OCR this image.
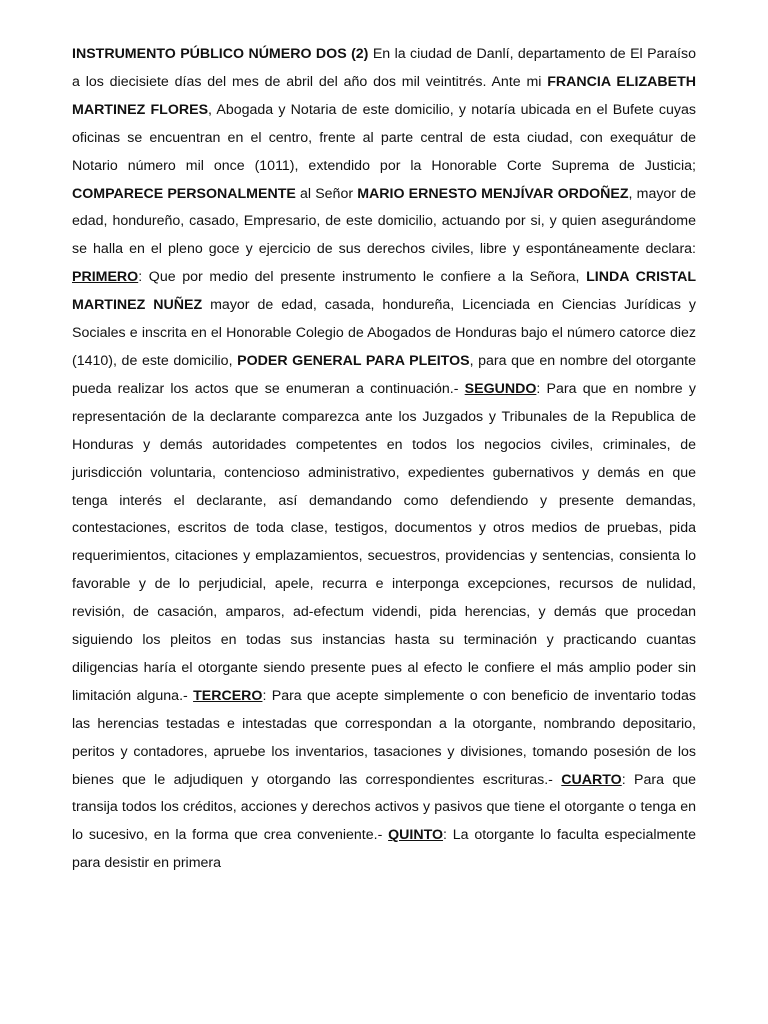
INSTRUMENTO PÚBLICO NÚMERO DOS (2) En la ciudad de Danlí, departamento de El Paraíso a los diecisiete días del mes de abril del año dos mil veintitrés. Ante mi FRANCIA ELIZABETH MARTINEZ FLORES, Abogada y Notaria de este domicilio, y notaría ubicada en el Bufete cuyas oficinas se encuentran en el centro, frente al parte central de esta ciudad, con exequátur de Notario número mil once (1011), extendido por la Honorable Corte Suprema de Justicia; COMPARECE PERSONALMENTE al Señor MARIO ERNESTO MENJÍVAR ORDOÑEZ, mayor de edad, hondureño, casado, Empresario, de este domicilio, actuando por si, y quien asegurándome se halla en el pleno goce y ejercicio de sus derechos civiles, libre y espontáneamente declara: PRIMERO: Que por medio del presente instrumento le confiere a la Señora, LINDA CRISTAL MARTINEZ NUÑEZ mayor de edad, casada, hondureña, Licenciada en Ciencias Jurídicas y Sociales e inscrita en el Honorable Colegio de Abogados de Honduras bajo el número catorce diez (1410), de este domicilio, PODER GENERAL PARA PLEITOS, para que en nombre del otorgante pueda realizar los actos que se enumeran a continuación.- SEGUNDO: Para que en nombre y representación de la declarante comparezca ante los Juzgados y Tribunales de la Republica de Honduras y demás autoridades competentes en todos los negocios civiles, criminales, de jurisdicción voluntaria, contencioso administrativo, expedientes gubernativos y demás en que tenga interés el declarante, así demandando como defendiendo y presente demandas, contestaciones, escritos de toda clase, testigos, documentos y otros medios de pruebas, pida requerimientos, citaciones y emplazamientos, secuestros, providencias y sentencias, consienta lo favorable y de lo perjudicial, apele, recurra e interponga excepciones, recursos de nulidad, revisión, de casación, amparos, ad-efectum videndi, pida herencias, y demás que procedan siguiendo los pleitos en todas sus instancias hasta su terminación y practicando cuantas diligencias haría el otorgante siendo presente pues al efecto le confiere el más amplio poder sin limitación alguna.- TERCERO: Para que acepte simplemente o con beneficio de inventario todas las herencias testadas e intestadas que correspondan a la otorgante, nombrando depositario, peritos y contadores, apruebe los inventarios, tasaciones y divisiones, tomando posesión de los bienes que le adjudiquen y otorgando las correspondientes escrituras.- CUARTO: Para que transija todos los créditos, acciones y derechos activos y pasivos que tiene el otorgante o tenga en lo sucesivo, en la forma que crea conveniente.- QUINTO: La otorgante lo faculta especialmente para desistir en primera
